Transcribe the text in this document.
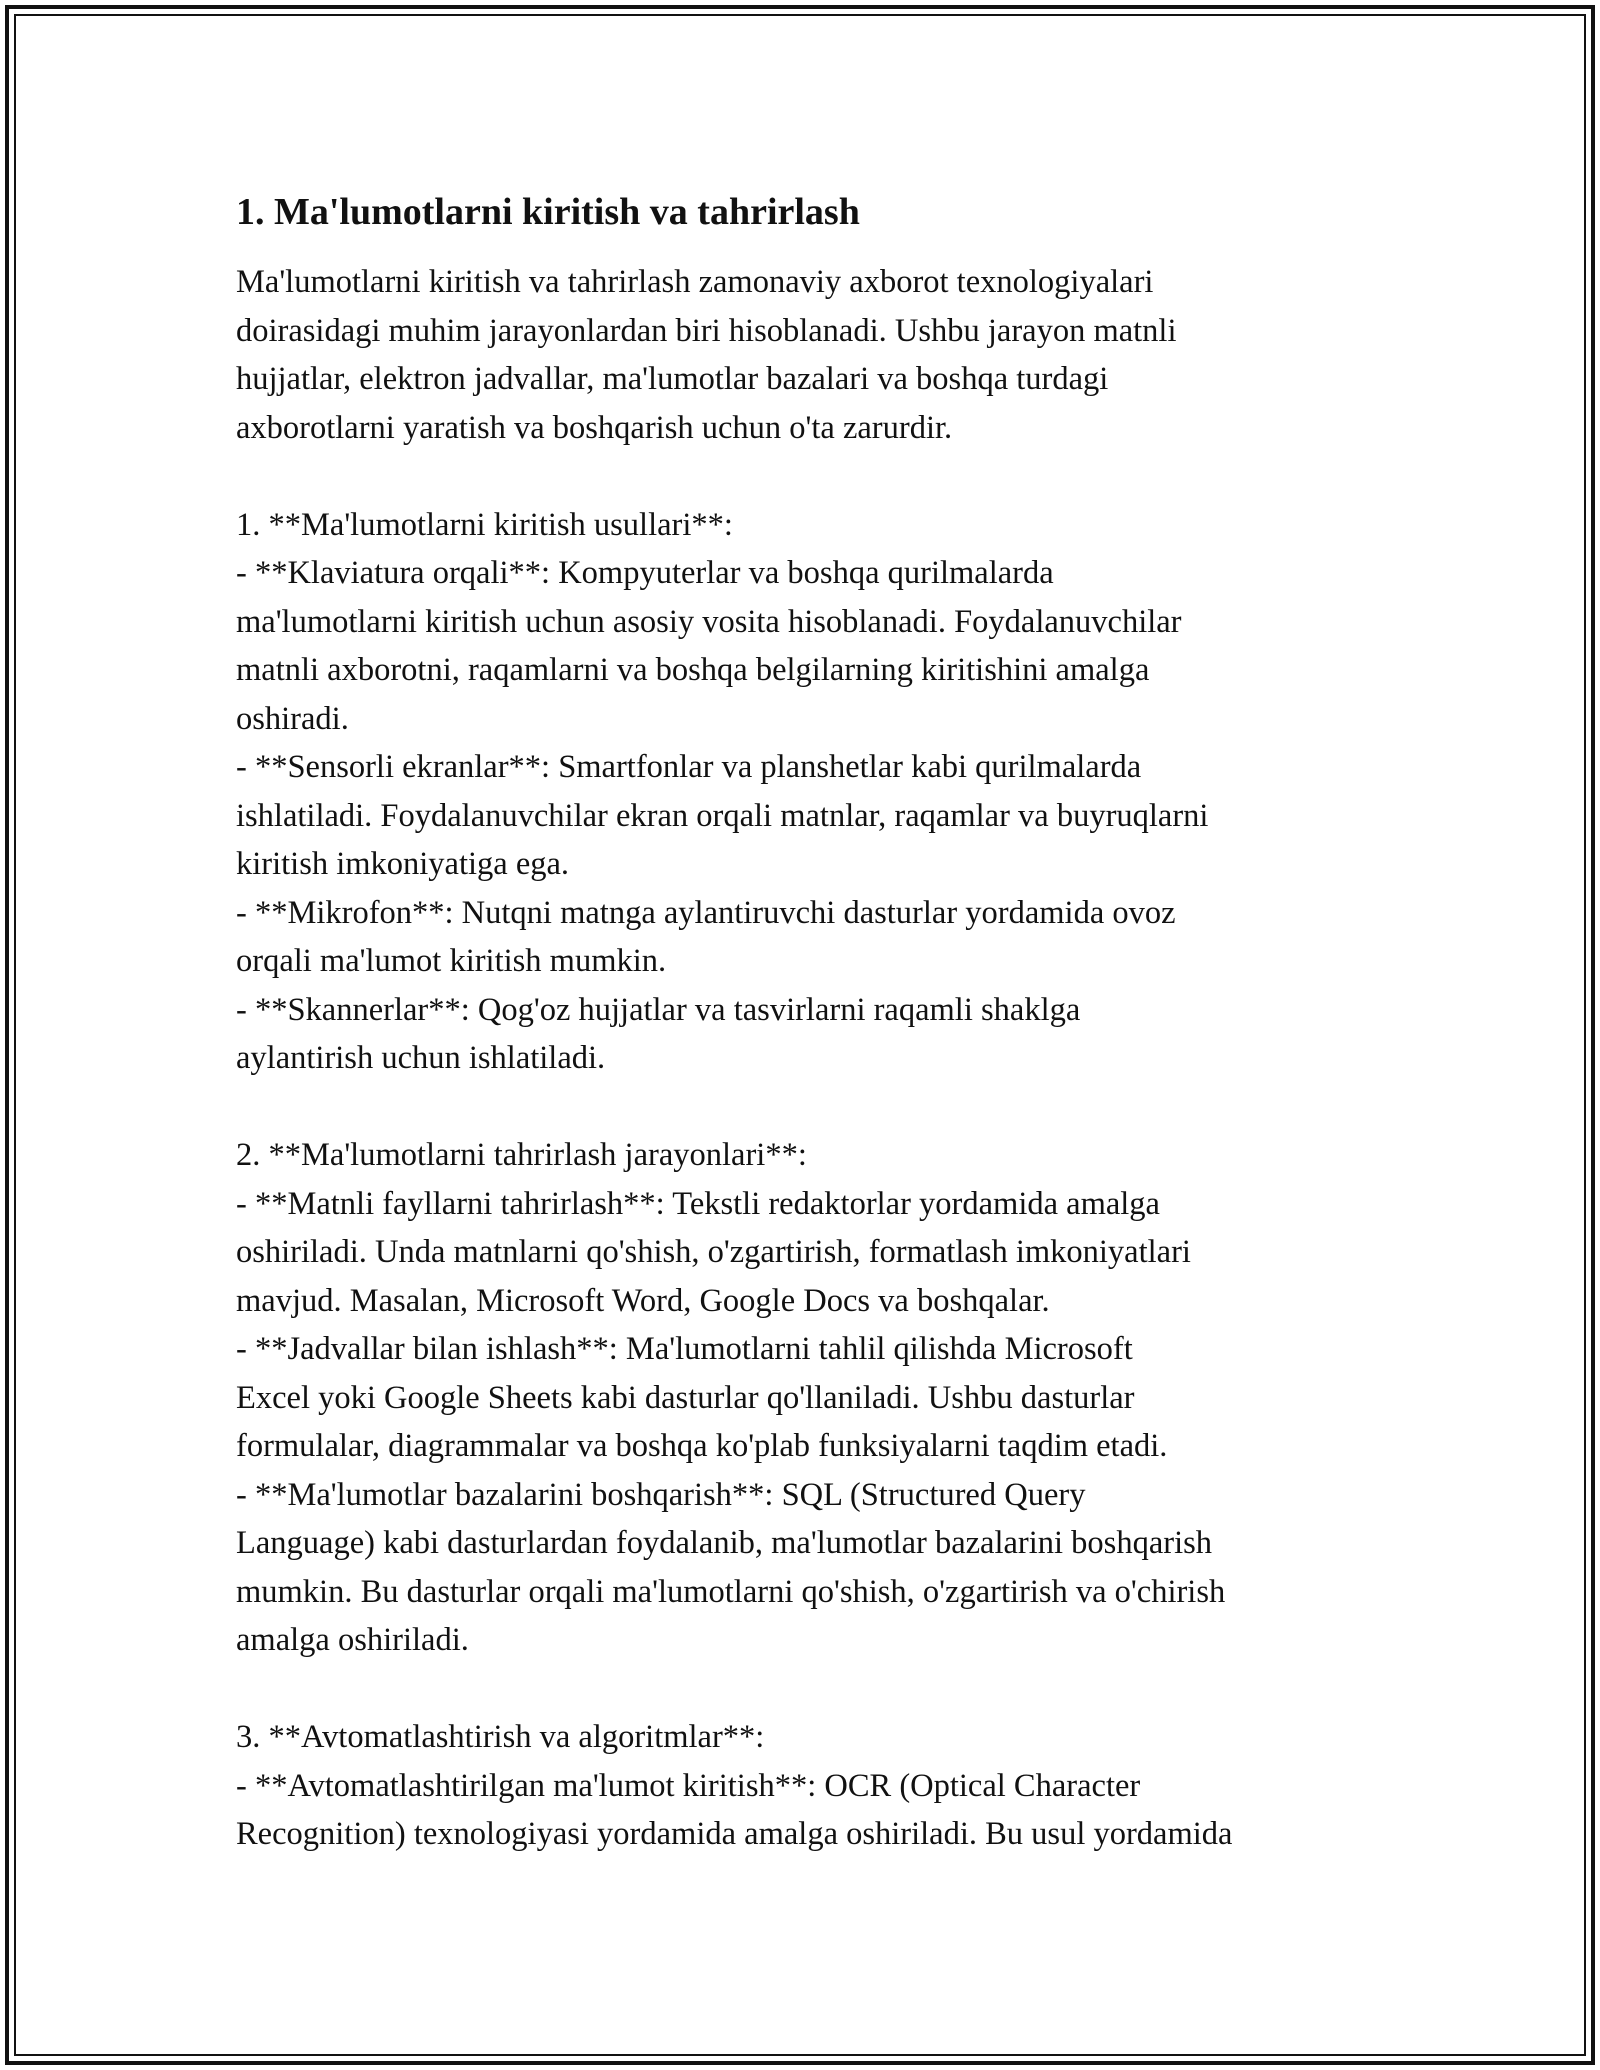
1. Ma'lumotlarni kiritish va tahrirlash

Ma'lumotlarni kiritish va tahrirlash zamonaviy axborot texnologiyalari
doirasidagi muhim jarayonlardan biri hisoblanadi. Ushbu jarayon matnli
hujjatlar, elektron jadvallar, ma'lumotlar bazalari va boshqa turdagi
axborotlarni yaratish va boshqarish uchun o'ta zarurdir.

1. **Ma'lumotlarni kiritish usullari**:
- **Klaviatura orqali**: Kompyuterlar va boshqa qurilmalarda
ma'lumotlarni kiritish uchun asosiy vosita hisoblanadi. Foydalanuvchilar
matnli axborotni, raqamlarni va boshqa belgilarning kiritishini amalga
oshiradi.
- **Sensorli ekranlar**: Smartfonlar va planshetlar kabi qurilmalarda
ishlatiladi. Foydalanuvchilar ekran orqali matnlar, raqamlar va buyruqlarni
kiritish imkoniyatiga ega.
- **Mikrofon**: Nutqni matnga aylantiruvchi dasturlar yordamida ovoz
orqali ma'lumot kiritish mumkin.
- **Skannerlar**: Qog'oz hujjatlar va tasvirlarni raqamli shaklga
aylantirish uchun ishlatiladi.

2. **Ma'lumotlarni tahrirlash jarayonlari**:
- **Matnli fayllarni tahrirlash**: Tekstli redaktorlar yordamida amalga
oshiriladi. Unda matnlarni qo'shish, o'zgartirish, formatlash imkoniyatlari
mavjud. Masalan, Microsoft Word, Google Docs va boshqalar.
- **Jadvallar bilan ishlash**: Ma'lumotlarni tahlil qilishda Microsoft
Excel yoki Google Sheets kabi dasturlar qo'llaniladi. Ushbu dasturlar
formulalar, diagrammalar va boshqa ko'plab funksiyalarni taqdim etadi.
- **Ma'lumotlar bazalarini boshqarish**: SQL (Structured Query
Language) kabi dasturlardan foydalanib, ma'lumotlar bazalarini boshqarish
mumkin. Bu dasturlar orqali ma'lumotlarni qo'shish, o'zgartirish va o'chirish
amalga oshiriladi.

3. **Avtomatlashtirish va algoritmlar**:
- **Avtomatlashtirilgan ma'lumot kiritish**: OCR (Optical Character
Recognition) texnologiyasi yordamida amalga oshiriladi. Bu usul yordamida
